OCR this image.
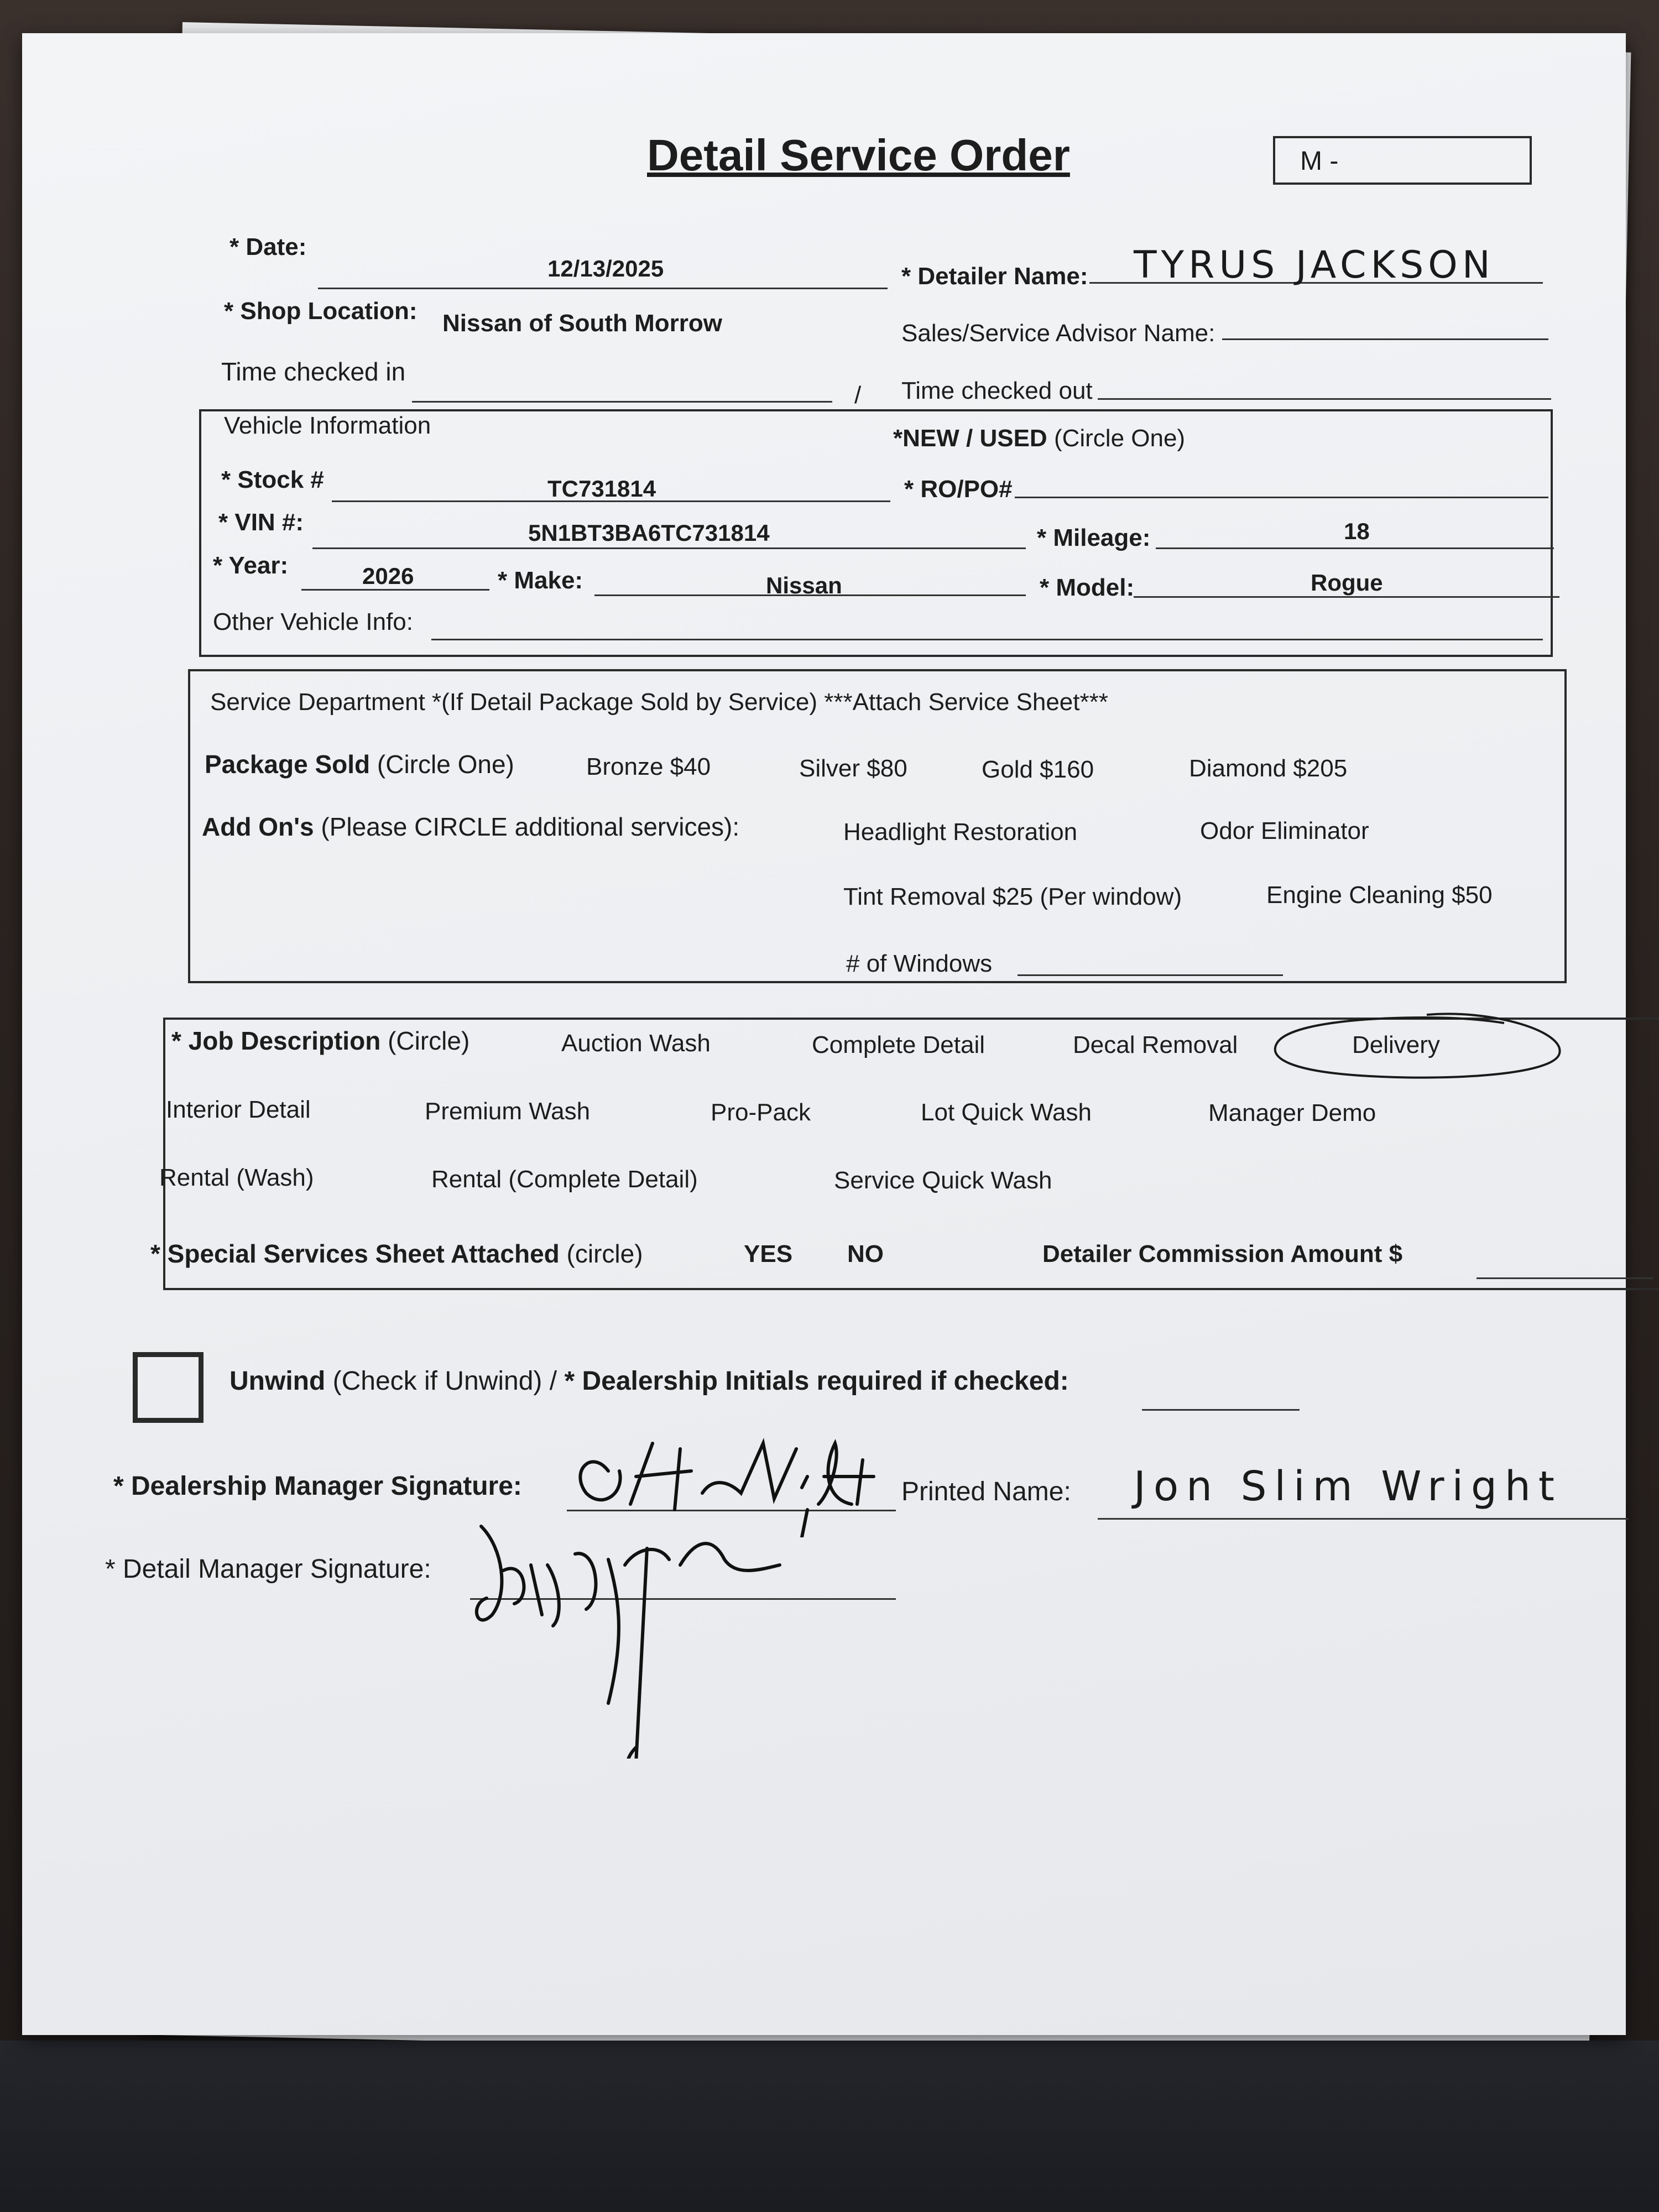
Detail Service Order	M -
* Date:
12/13/2025	* Detailer Name: TYRUS JACKSON
* Shop Location: Nissan of South Morrow	Sales/Service Advisor Name:
Time checked in
/ Time checked out
Vehicle Information	*NEW / USED (Circle One)
* Stock #	TC731814	* RO/PO#
* VIN #:	5N1BT3BA6TC731814	* Mileage:	18
* Year:	2026	* Make:	Nissan	* Model:	Rogue
Other Vehicle Info:
Service Department *(If Detail Package Sold by Service) ***Attach Service Sheet***
Package Sold (Circle One)	Bronze $40	Silver $80	Gold $160	Diamond $205
Add On's (Please CIRCLE additional services):	Headlight Restoration	Odor Eliminator
Tint Removal $25 (Per window)	Engine Cleaning $50
# of Windows
* Job Description (Circle)	Auction Wash	Complete Detail	Decal Removal	Delivery
Interior Detail	Premium Wash	Pro-Pack	Lot Quick Wash	Manager Demo
Rental (Wash)	Rental (Complete Detail)	Service Quick Wash
* Special Services Sheet Attached (circle)	YES NO	Detailer Commission Amount $
Unwind (Check if Unwind) / * Dealership Initials required if checked:
* Dealership Manager Signature:	Printed Name: Jon Slim Wright
* Detail Manager Signature:
